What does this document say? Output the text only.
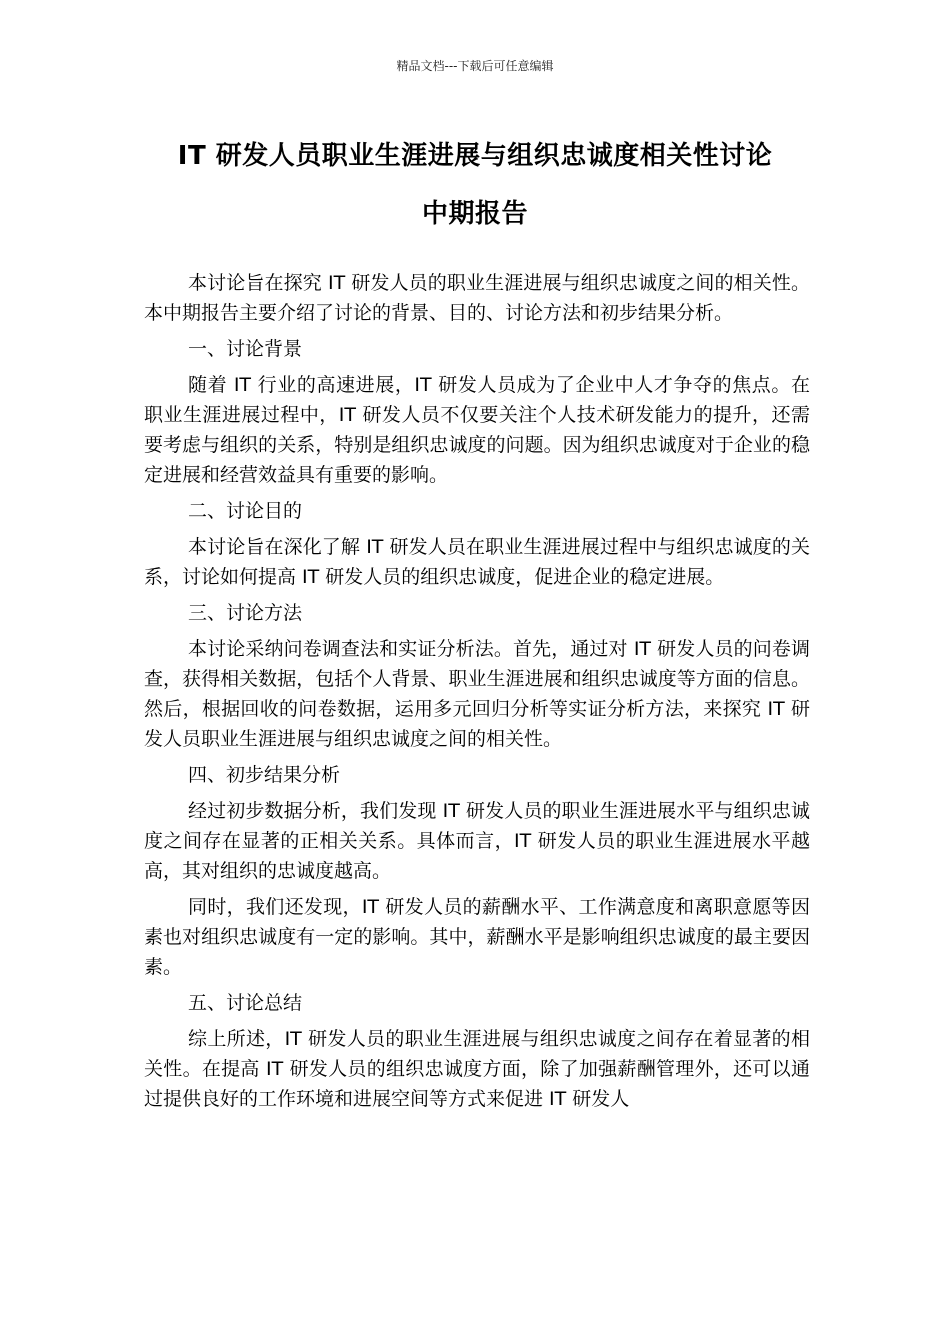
精品文档---下载后可任意编辑
IT 研发人员职业生涯进展与组织忠诚度相关性讨论
中期报告

本讨论旨在探究 IT 研发人员的职业生涯进展与组织忠诚度之间的相关性。本中期报告主要介绍了讨论的背景、目的、讨论方法和初步结果分析。

一、讨论背景

随着 IT 行业的高速进展，IT 研发人员成为了企业中人才争夺的焦点。在职业生涯进展过程中，IT 研发人员不仅要关注个人技术研发能力的提升，还需要考虑与组织的关系，特别是组织忠诚度的问题。因为组织忠诚度对于企业的稳定进展和经营效益具有重要的影响。

二、讨论目的

本讨论旨在深化了解 IT 研发人员在职业生涯进展过程中与组织忠诚度的关系，讨论如何提高 IT 研发人员的组织忠诚度，促进企业的稳定进展。

三、讨论方法

本讨论采纳问卷调查法和实证分析法。首先，通过对 IT 研发人员的问卷调查，获得相关数据，包括个人背景、职业生涯进展和组织忠诚度等方面的信息。然后，根据回收的问卷数据，运用多元回归分析等实证分析方法，来探究 IT 研发人员职业生涯进展与组织忠诚度之间的相关性。

四、初步结果分析

经过初步数据分析，我们发现 IT 研发人员的职业生涯进展水平与组织忠诚度之间存在显著的正相关关系。具体而言，IT 研发人员的职业生涯进展水平越高，其对组织的忠诚度越高。

同时，我们还发现，IT 研发人员的薪酬水平、工作满意度和离职意愿等因素也对组织忠诚度有一定的影响。其中，薪酬水平是影响组织忠诚度的最主要因素。

五、讨论总结

综上所述，IT 研发人员的职业生涯进展与组织忠诚度之间存在着显著的相关性。在提高 IT 研发人员的组织忠诚度方面，除了加强薪酬管理外，还可以通过提供良好的工作环境和进展空间等方式来促进 IT 研发人
